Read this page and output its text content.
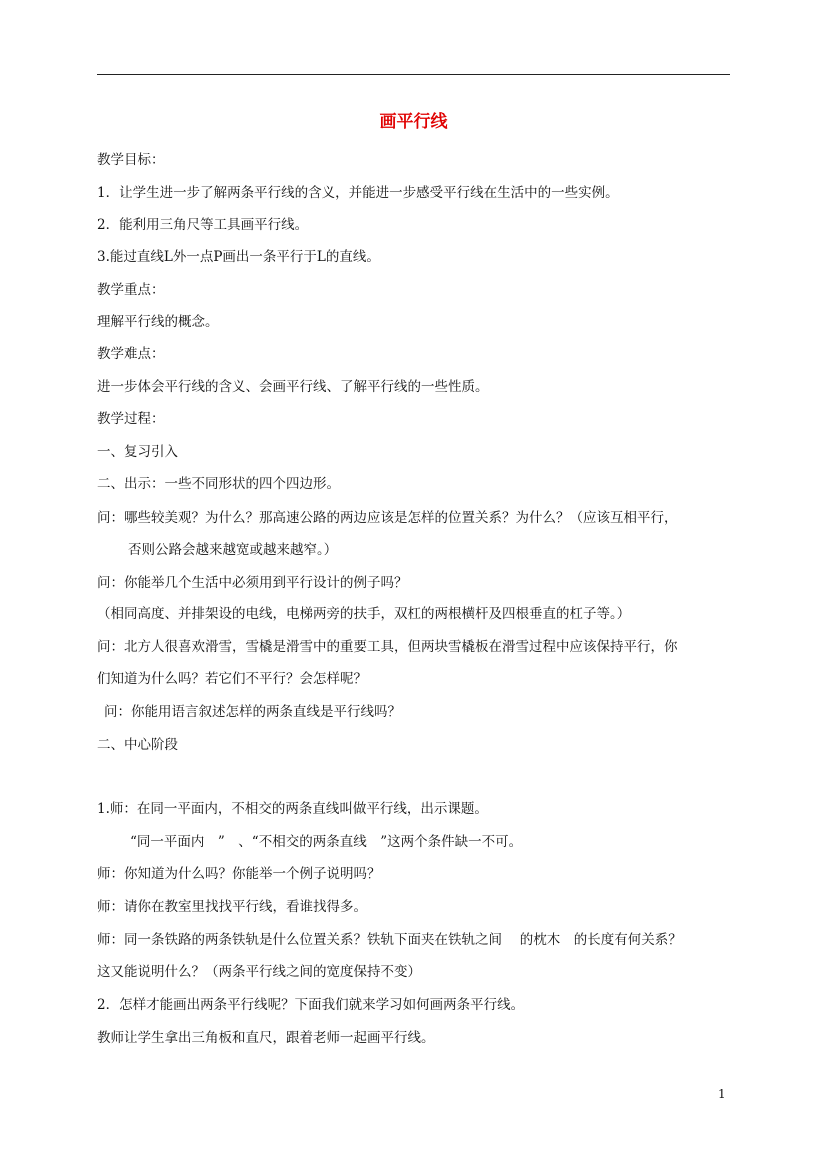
画平行线
教学目标：
1．让学生进一步了解两条平行线的含义，并能进一步感受平行线在生活中的一些实例。
2．能利用三角尺等工具画平行线。
3.能过直线L外一点P画出一条平行于L的直线。
教学重点：
理解平行线的概念。
教学难点：
进一步体会平行线的含义、会画平行线、了解平行线的一些性质。
教学过程：
一、复习引入
二、出示：一些不同形状的四个四边形。
问：哪些较美观？为什么？那高速公路的两边应该是怎样的位置关系？为什么？（应该互相平行，
否则公路会越来越宽或越来越窄。）
问：你能举几个生活中必须用到平行设计的例子吗？
（相同高度、并排架设的电线，电梯两旁的扶手，双杠的两根横杆及四根垂直的杠子等。）
问：北方人很喜欢滑雪，雪橇是滑雪中的重要工具，但两块雪橇板在滑雪过程中应该保持平行，你
们知道为什么吗？若它们不平行？会怎样呢？
问：你能用语言叙述怎样的两条直线是平行线吗？
二、中心阶段
1.师：在同一平面内，不相交的两条直线叫做平行线，出示课题。
“同一平面内　”　、“不相交的两条直线　”这两个条件缺一不可。
师：你知道为什么吗？你能举一个例子说明吗？
师：请你在教室里找找平行线，看谁找得多。
师：同一条铁路的两条铁轨是什么位置关系？铁轨下面夹在铁轨之间　 的枕木　的长度有何关系？
这又能说明什么？（两条平行线之间的宽度保持不变）
2．怎样才能画出两条平行线呢？下面我们就来学习如何画两条平行线。
教师让学生拿出三角板和直尺，跟着老师一起画平行线。
1
